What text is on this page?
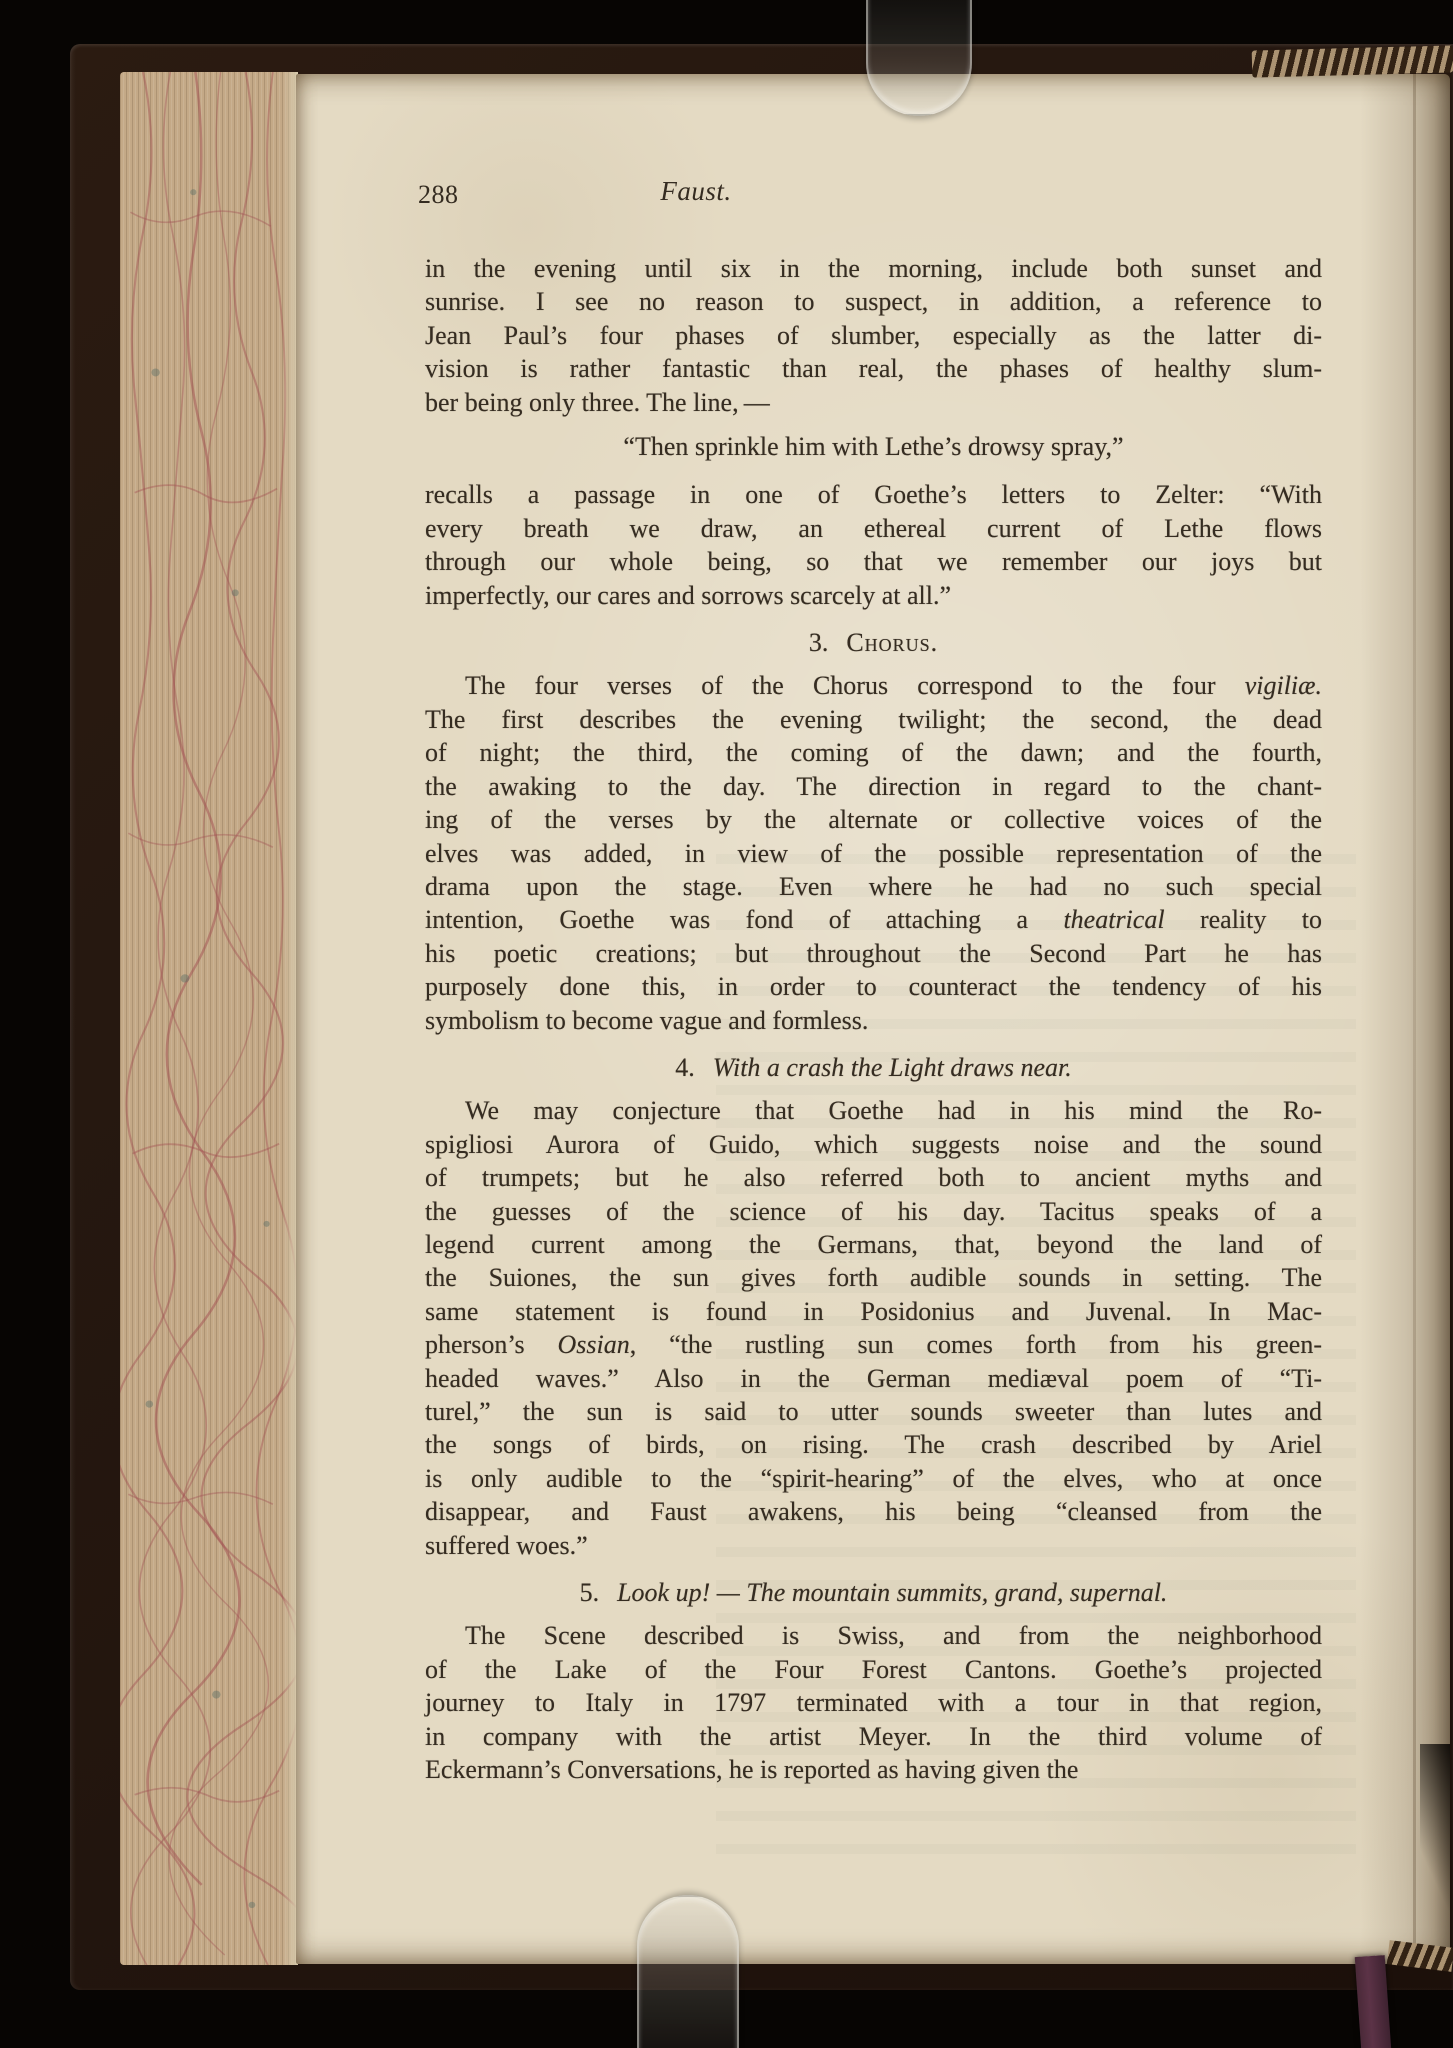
288	Faust.
in the evening until six in the morning, include both sunset and
sunrise. I see no reason to suspect, in addition, a reference to
Jean Paul’s four phases of slumber, especially as the latter di-
vision is rather fantastic than real, the phases of healthy slum-
ber being only three. The line, —
“Then sprinkle him with Lethe’s drowsy spray,”
recalls a passage in one of Goethe’s letters to Zelter: “With
every breath we draw, an ethereal current of Lethe flows
through our whole being, so that we remember our joys but
imperfectly, our cares and sorrows scarcely at all.”
3. Chorus.
The four verses of the Chorus correspond to the four vigiliæ.
The first describes the evening twilight; the second, the dead
of night; the third, the coming of the dawn; and the fourth,
the awaking to the day. The direction in regard to the chant-
ing of the verses by the alternate or collective voices of the
elves was added, in view of the possible representation of the
drama upon the stage. Even where he had no such special
intention, Goethe was fond of attaching a theatrical reality to
his poetic creations; but throughout the Second Part he has
purposely done this, in order to counteract the tendency of his
symbolism to become vague and formless.
4. With a crash the Light draws near.
We may conjecture that Goethe had in his mind the Ro-
spigliosi Aurora of Guido, which suggests noise and the sound
of trumpets; but he also referred both to ancient myths and
the guesses of the science of his day. Tacitus speaks of a
legend current among the Germans, that, beyond the land of
the Suiones, the sun gives forth audible sounds in setting. The
same statement is found in Posidonius and Juvenal. In Mac-
pherson’s Ossian, “the rustling sun comes forth from his green-
headed waves.” Also in the German mediæval poem of “Ti-
turel,” the sun is said to utter sounds sweeter than lutes and
the songs of birds, on rising. The crash described by Ariel
is only audible to the “spirit-hearing” of the elves, who at once
disappear, and Faust awakens, his being “cleansed from the
suffered woes.”
5. Look up! — The mountain summits, grand, supernal.
The Scene described is Swiss, and from the neighborhood
of the Lake of the Four Forest Cantons. Goethe’s projected
journey to Italy in 1797 terminated with a tour in that region,
in company with the artist Meyer. In the third volume of
Eckermann’s Conversations, he is reported as having given the
